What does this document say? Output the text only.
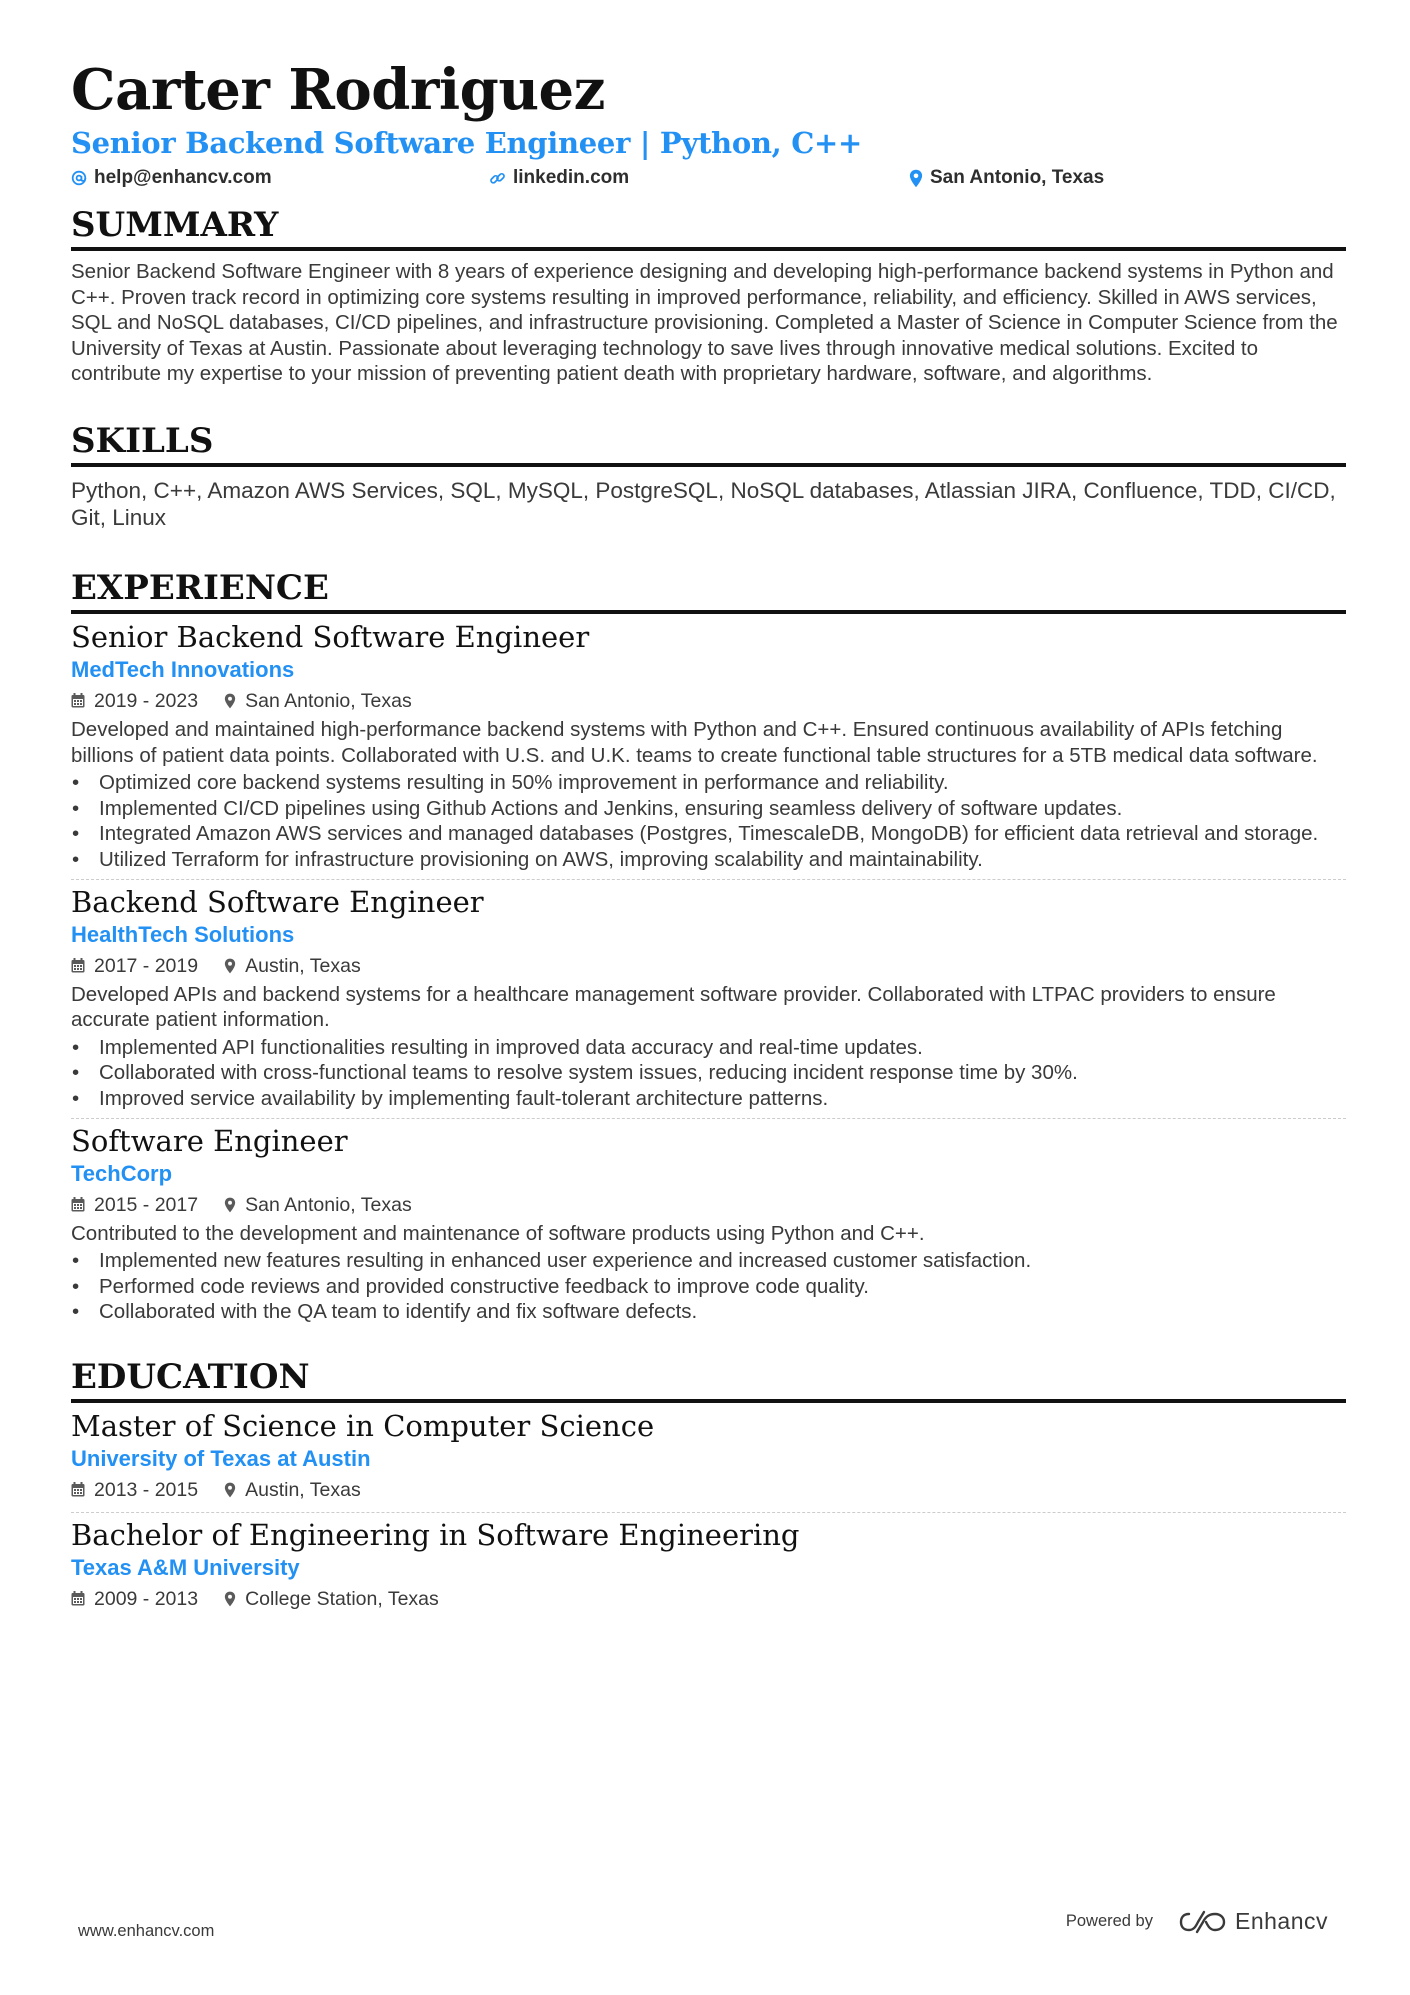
Carter Rodriguez
Senior Backend Software Engineer | Python, C++
help@enhancv.com	linkedin.com	San Antonio, Texas
SUMMARY

Senior Backend Software Engineer with 8 years of experience designing and developing high-performance backend systems in Python and C++. Proven track record in optimizing core systems resulting in improved performance, reliability, and efficiency. Skilled in AWS services, SQL and NoSQL databases, CI/CD pipelines, and infrastructure provisioning. Completed a Master of Science in Computer Science from the University of Texas at Austin. Passionate about leveraging technology to save lives through innovative medical solutions. Excited to contribute my expertise to your mission of preventing patient death with proprietary hardware, software, and algorithms.

SKILLS

Python, C++, Amazon AWS Services, SQL, MySQL, PostgreSQL, NoSQL databases, Atlassian JIRA, Confluence, TDD, CI/CD, Git, Linux

EXPERIENCE
Senior Backend Software Engineer
MedTech Innovations
2019 - 2023 San Antonio, Texas

Developed and maintained high-performance backend systems with Python and C++. Ensured continuous availability of APIs fetching billions of patient data points. Collaborated with U.S. and U.K. teams to create functional table structures for a 5TB medical data software.

• Optimized core backend systems resulting in 50% improvement in performance and reliability.
• Implemented CI/CD pipelines using Github Actions and Jenkins, ensuring seamless delivery of software updates.
• Integrated Amazon AWS services and managed databases (Postgres, TimescaleDB, MongoDB) for efficient data retrieval and storage.
• Utilized Terraform for infrastructure provisioning on AWS, improving scalability and maintainability.
Backend Software Engineer
HealthTech Solutions
2017 - 2019 Austin, Texas

Developed APIs and backend systems for a healthcare management software provider. Collaborated with LTPAC providers to ensure accurate patient information.

• Implemented API functionalities resulting in improved data accuracy and real-time updates.
• Collaborated with cross-functional teams to resolve system issues, reducing incident response time by 30%.
• Improved service availability by implementing fault-tolerant architecture patterns.
Software Engineer
TechCorp
2015 - 2017 San Antonio, Texas

Contributed to the development and maintenance of software products using Python and C++.

• Implemented new features resulting in enhanced user experience and increased customer satisfaction.
• Performed code reviews and provided constructive feedback to improve code quality.
• Collaborated with the QA team to identify and fix software defects.
EDUCATION
Master of Science in Computer Science
University of Texas at Austin
2013 - 2015 Austin, Texas
Bachelor of Engineering in Software Engineering
Texas A&M University
2009 - 2013 College Station, Texas
www.enhancv.com
Powered by	Enhancv
